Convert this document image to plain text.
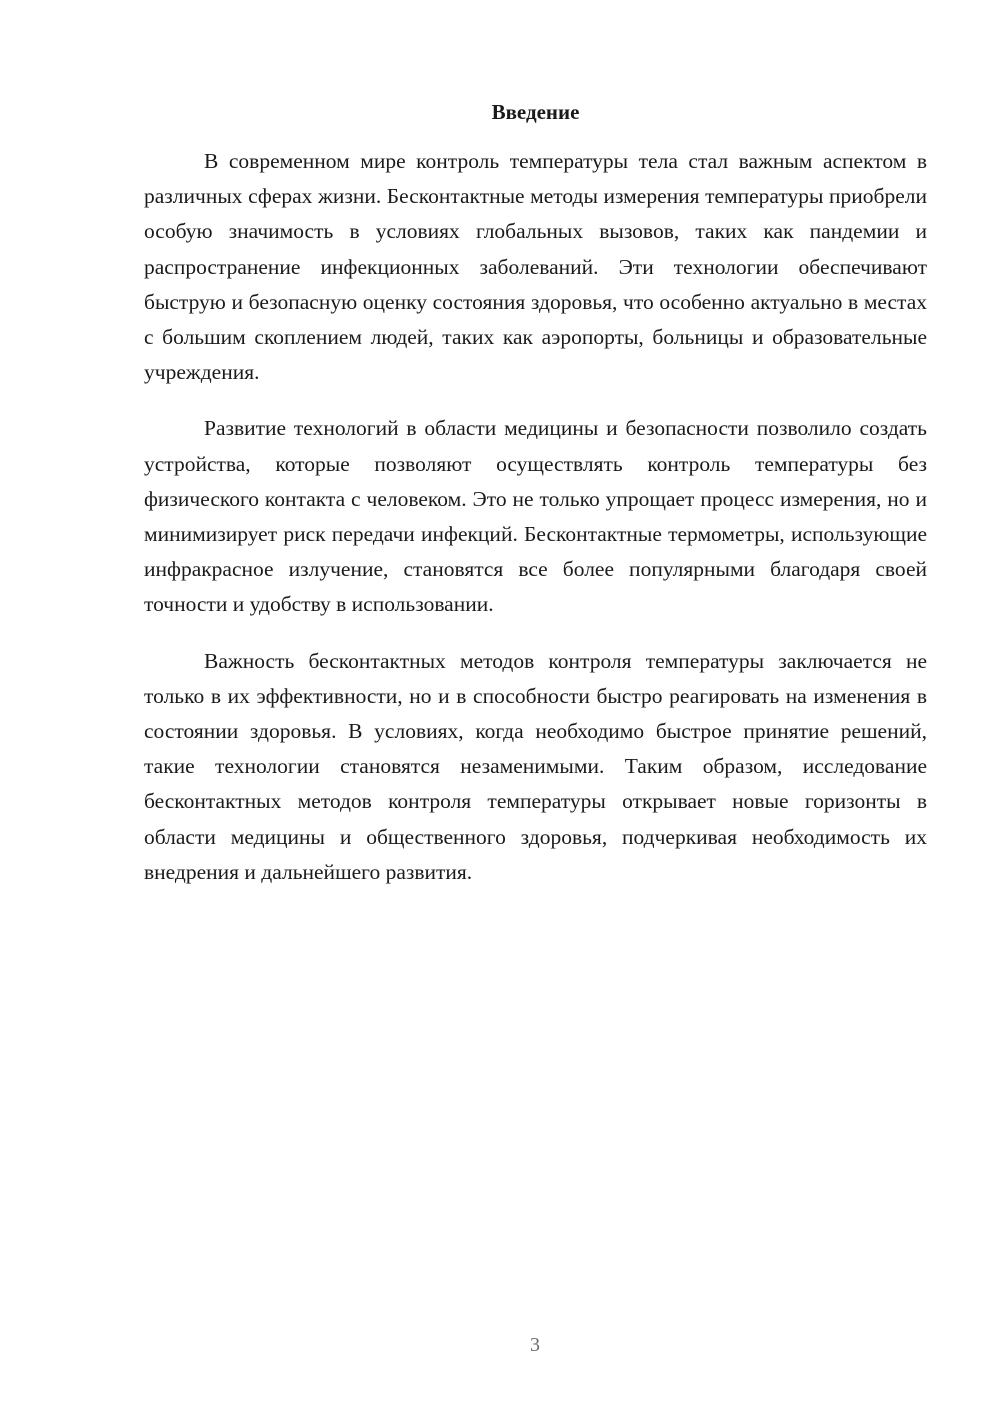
Введение

В современном мире контроль температуры тела стал важным аспектом в различных сферах жизни. Бесконтактные методы измерения температуры приобрели особую значимость в условиях глобальных вызовов, таких как пандемии и распространение инфекционных заболеваний. Эти технологии обеспечивают быструю и безопасную оценку состояния здоровья, что особенно актуально в местах с большим скоплением людей, таких как аэропорты, больницы и образовательные учреждения.

Развитие технологий в области медицины и безопасности позволило создать устройства, которые позволяют осуществлять контроль температуры без физического контакта с человеком. Это не только упрощает процесс измерения, но и минимизирует риск передачи инфекций. Бесконтактные термометры, использующие инфракрасное излучение, становятся все более популярными благодаря своей точности и удобству в использовании.

Важность бесконтактных методов контроля температуры заключается не только в их эффективности, но и в способности быстро реагировать на изменения в состоянии здоровья. В условиях, когда необходимо быстрое принятие решений, такие технологии становятся незаменимыми. Таким образом, исследование бесконтактных методов контроля температуры открывает новые горизонты в области медицины и общественного здоровья, подчеркивая необходимость их внедрения и дальнейшего развития.

3
